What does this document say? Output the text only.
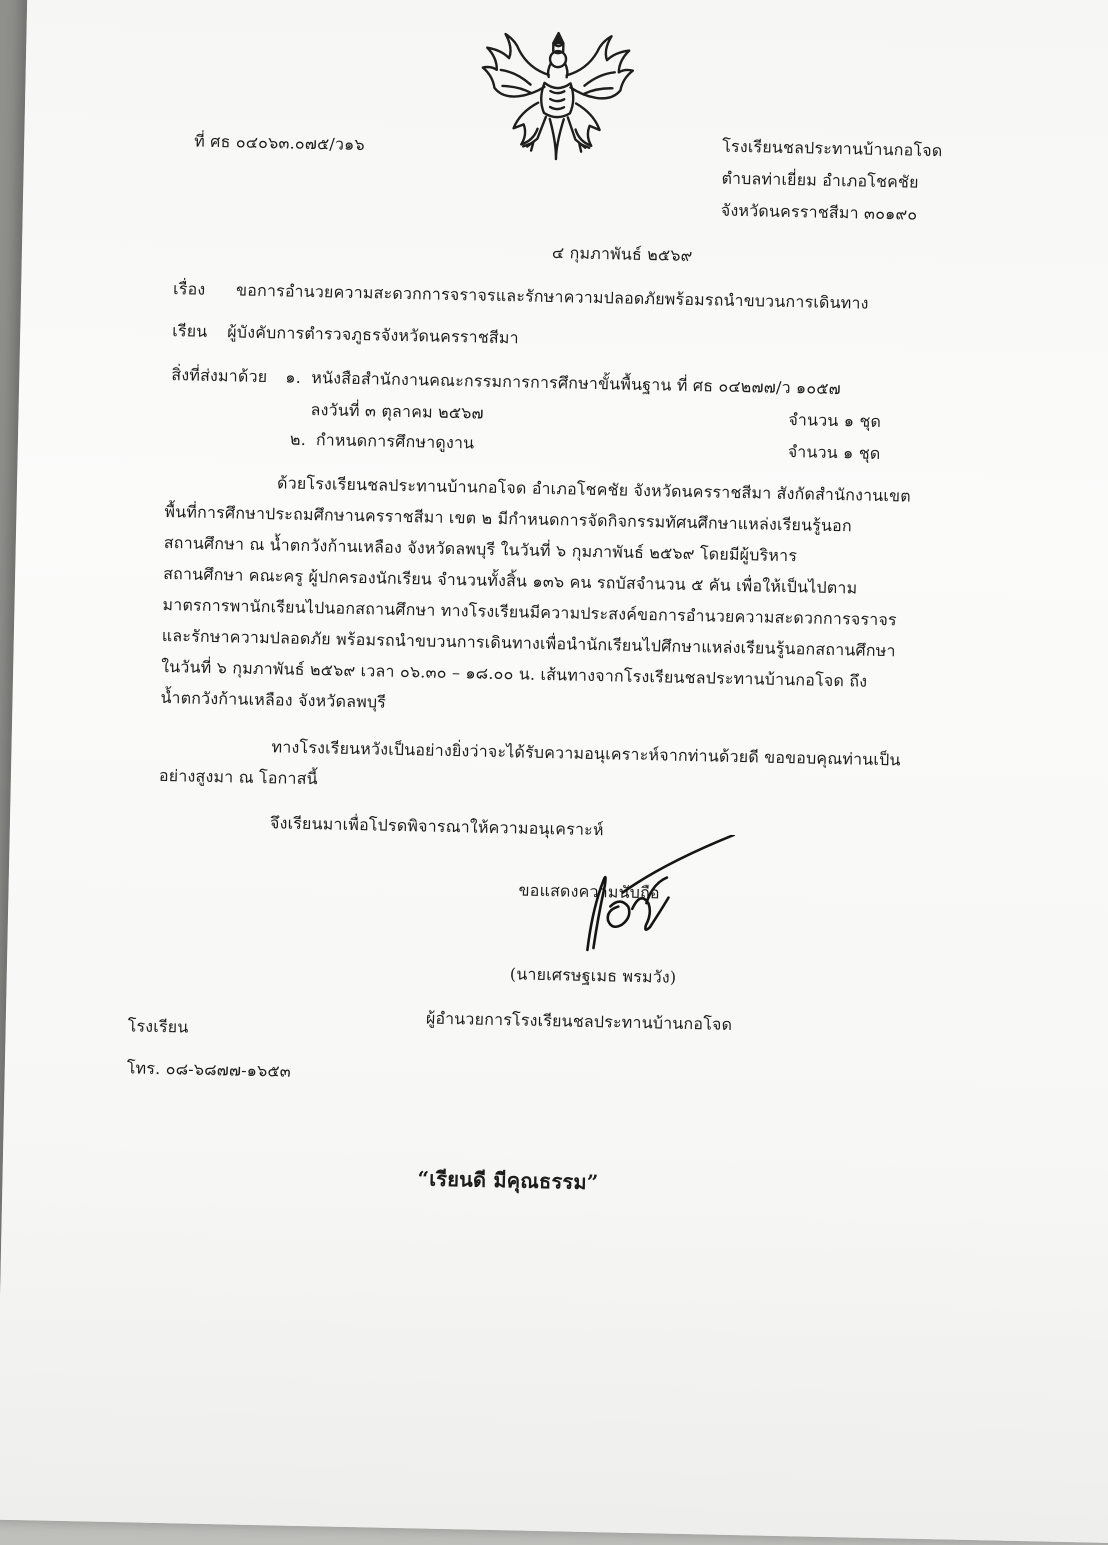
ที่ ศธ ๐๔๐๖๓.๐๗๕/ว๑๖	โรงเรียนชลประทานบ้านกอโจด
ตำบลท่าเยี่ยม อำเภอโชคชัย
จังหวัดนครราชสีมา ๓๐๑๙๐
๔ กุมภาพันธ์ ๒๕๖๙
เรื่อง ขอการอำนวยความสะดวกการจราจรและรักษาความปลอดภัยพร้อมรถนำขบวนการเดินทาง
เรียน ผู้บังคับการตำรวจภูธรจังหวัดนครราชสีมา
สิ่งที่ส่งมาด้วย ๑. หนังสือสำนักงานคณะกรรมการการศึกษาขั้นพื้นฐาน ที่ ศธ ๐๔๒๗๗/ว ๑๐๕๗
ลงวันที่ ๓ ตุลาคม ๒๕๖๗	จำนวน ๑ ชุด
๒. กำหนดการศึกษาดูงาน
จำนวน ๑ ชุด
ด้วยโรงเรียนชลประทานบ้านกอโจด อำเภอโชคชัย จังหวัดนครราชสีมา สังกัดสำนักงานเขต
พื้นที่การศึกษาประถมศึกษานครราชสีมา เขต ๒ มีกำหนดการจัดกิจกรรมทัศนศึกษาแหล่งเรียนรู้นอก
สถานศึกษา ณ น้ำตกวังก้านเหลือง จังหวัดลพบุรี ในวันที่ ๖ กุมภาพันธ์ ๒๕๖๙ โดยมีผู้บริหาร
สถานศึกษา คณะครู ผู้ปกครองนักเรียน จำนวนทั้งสิ้น ๑๓๖ คน รถบัสจำนวน ๕ คัน เพื่อให้เป็นไปตาม
มาตรการพานักเรียนไปนอกสถานศึกษา ทางโรงเรียนมีความประสงค์ขอการอำนวยความสะดวกการจราจร
และรักษาความปลอดภัย พร้อมรถนำขบวนการเดินทางเพื่อนำนักเรียนไปศึกษาแหล่งเรียนรู้นอกสถานศึกษา
ในวันที่ ๖ กุมภาพันธ์ ๒๕๖๙ เวลา ๐๖.๓๐ – ๑๘.๐๐ น. เส้นทางจากโรงเรียนชลประทานบ้านกอโจด ถึง
น้ำตกวังก้านเหลือง จังหวัดลพบุรี
ทางโรงเรียนหวังเป็นอย่างยิ่งว่าจะได้รับความอนุเคราะห์จากท่านด้วยดี ขอขอบคุณท่านเป็น
อย่างสูงมา ณ โอกาสนี้
จึงเรียนมาเพื่อโปรดพิจารณาให้ความอนุเคราะห์
ขอแสดงความนับถือ
(นายเศรษฐเมธ พรมวัง)
ผู้อำนวยการโรงเรียนชลประทานบ้านกอโจด
โรงเรียน
โทร. ๐๘-๖๘๗๗-๑๖๕๓
“เรียนดี มีคุณธรรม”
